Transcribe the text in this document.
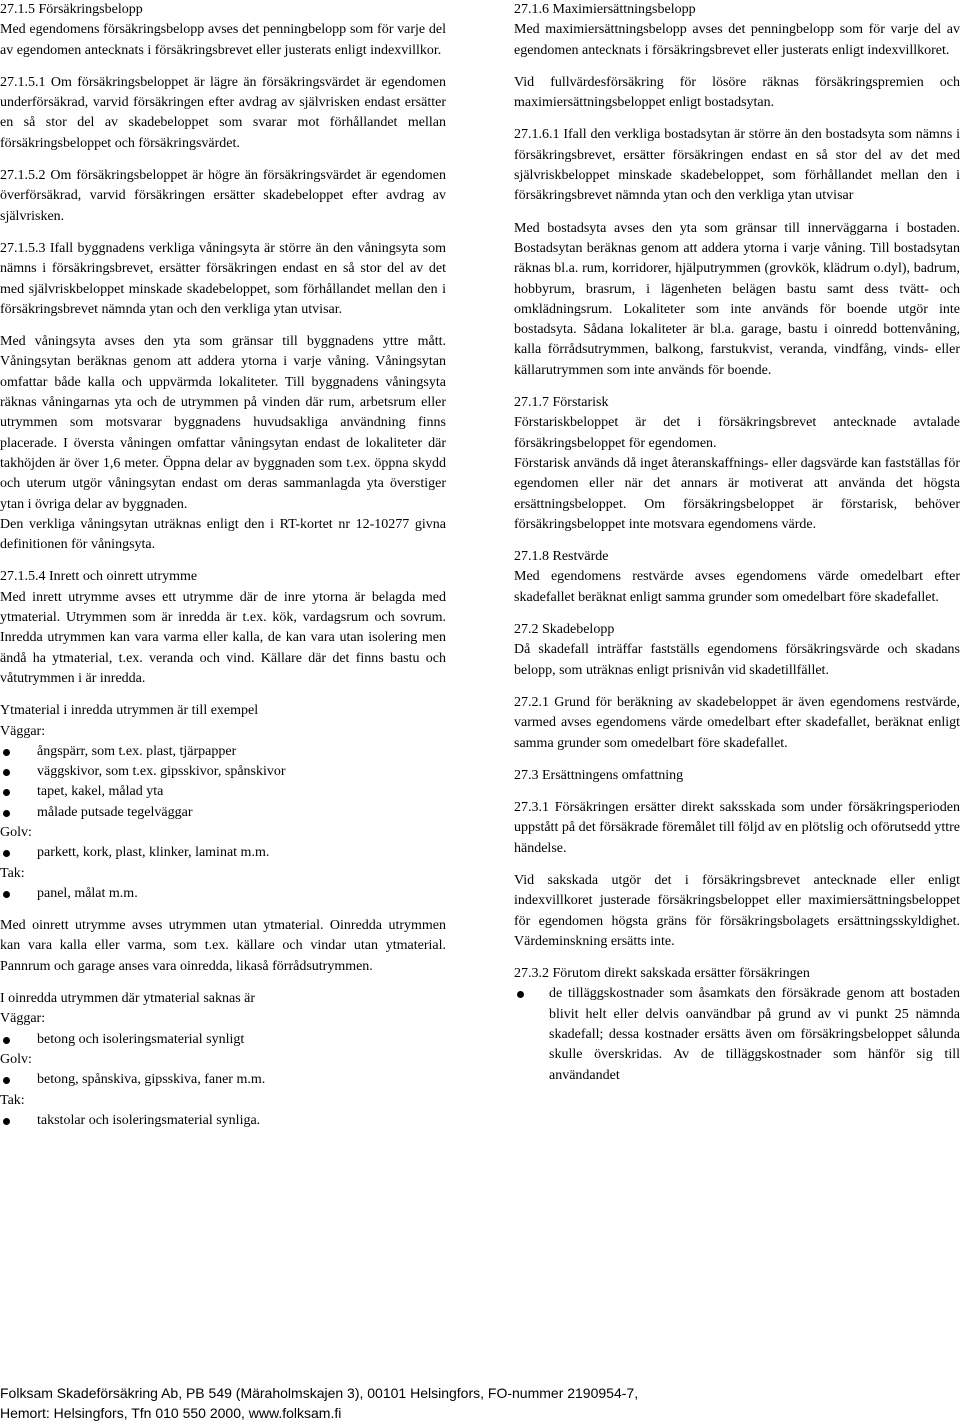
27.1.5 Försäkringsbelopp

Med egendomens försäkringsbelopp avses det penningbelopp som för varje del av egendomen antecknats i försäkringsbrevet eller justerats enligt indexvillkor.

27.1.5.1 Om försäkringsbeloppet är lägre än försäkringsvärdet är egendomen underförsäkrad, varvid försäkringen efter avdrag av självrisken endast ersätter en så stor del av skadebeloppet som svarar mot förhållandet mellan försäkringsbeloppet och försäkringsvärdet.

27.1.5.2 Om försäkringsbeloppet är högre än försäkringsvärdet är egendomen överförsäkrad, varvid försäkringen ersätter skadebeloppet efter avdrag av självrisken.

27.1.5.3 Ifall byggnadens verkliga våningsyta är större än den våningsyta som nämns i försäkringsbrevet, ersätter försäkringen endast en så stor del av det med självriskbeloppet minskade skadebeloppet, som förhållandet mellan den i försäkringsbrevet nämnda ytan och den verkliga ytan utvisar.

Med våningsyta avses den yta som gränsar till byggnadens yttre mått. Våningsytan beräknas genom att addera ytorna i varje våning. Våningsytan omfattar både kalla och uppvärmda lokaliteter. Till byggnadens våningsyta räknas våningarnas yta och de utrymmen på vinden där rum, arbetsrum eller utrymmen som motsvarar byggnadens huvudsakliga användning finns placerade. I översta våningen omfattar våningsytan endast de lokaliteter där takhöjden är över 1,6 meter. Öppna delar av byggnaden som t.ex. öppna skydd och uterum utgör våningsytan endast om deras sammanlagda yta överstiger ytan i övriga delar av byggnaden.

Den verkliga våningsytan uträknas enligt den i RT-kortet nr 12-10277 givna definitionen för våningsyta.

27.1.5.4 Inrett och oinrett utrymme

Med inrett utrymme avses ett utrymme där de inre ytorna är belagda med ytmaterial. Utrymmen som är inredda är t.ex. kök, vardagsrum och sovrum. Inredda utrymmen kan vara varma eller kalla, de kan vara utan isolering men ändå ha ytmaterial, t.ex. veranda och vind. Källare där det finns bastu och våtutrymmen i är inredda.

Ytmaterial i inredda utrymmen är till exempel

Väggar:
ångspärr, som t.ex. plast, tjärpapper
väggskivor, som t.ex. gipsskivor, spånskivor
tapet, kakel, målad yta
målade putsade tegelväggar
Golv:
parkett, kork, plast, klinker, laminat m.m.
Tak:
panel, målat m.m.

Med oinrett utrymme avses utrymmen utan ytmaterial. Oinredda utrymmen kan vara kalla eller varma, som t.ex. källare och vindar utan ytmaterial. Pannrum och garage anses vara oinredda, likaså förrådsutrymmen.

I oinredda utrymmen där ytmaterial saknas är

Väggar:
betong och isoleringsmaterial synligt
Golv:
betong, spånskiva, gipsskiva, faner m.m.
Tak:
takstolar och isoleringsmaterial synliga.

27.1.6 Maximiersättningsbelopp

Med maximiersättningsbelopp avses det penningbelopp som för varje del av egendomen antecknats i försäkringsbrevet eller justerats enligt indexvillkoret.

Vid fullvärdesförsäkring för lösöre räknas försäkringspremien och maximiersättningsbeloppet enligt bostadsytan.

27.1.6.1 Ifall den verkliga bostadsytan är större än den bostadsyta som nämns i försäkringsbrevet, ersätter försäkringen endast en så stor del av det med självriskbeloppet minskade skadebeloppet, som förhållandet mellan den i försäkringsbrevet nämnda ytan och den verkliga ytan utvisar

Med bostadsyta avses den yta som gränsar till innerväggarna i bostaden. Bostadsytan beräknas genom att addera ytorna i varje våning. Till bostadsytan räknas bl.a. rum, korridorer, hjälputrymmen (grovkök, klädrum o.dyl), badrum, hobbyrum, brasrum, i lägenheten belägen bastu samt dess tvätt- och omklädningsrum. Lokaliteter som inte används för boende utgör inte bostadsyta. Sådana lokaliteter är bl.a. garage, bastu i oinredd bottenvåning, kalla förrådsutrymmen, balkong, farstukvist, veranda, vindfång, vinds- eller källarutrymmen som inte används för boende.

27.1.7 Förstarisk

Förstariskbeloppet är det i försäkringsbrevet antecknade avtalade försäkringsbeloppet för egendomen.

Förstarisk används då inget återanskaffnings- eller dagsvärde kan fastställas för egendomen eller när det annars är motiverat att använda det högsta ersättningsbeloppet. Om försäkringsbeloppet är förstarisk, behöver försäkringsbeloppet inte motsvara egendomens värde.

27.1.8 Restvärde

Med egendomens restvärde avses egendomens värde omedelbart efter skadefallet beräknat enligt samma grunder som omedelbart före skadefallet.

27.2 Skadebelopp

Då skadefall inträffar fastställs egendomens försäkringsvärde och skadans belopp, som uträknas enligt prisnivån vid skadetillfället.

27.2.1 Grund för beräkning av skadebeloppet är även egendomens restvärde, varmed avses egendomens värde omedelbart efter skadefallet, beräknat enligt samma grunder som omedelbart före skadefallet.

27.3 Ersättningens omfattning

27.3.1 Försäkringen ersätter direkt saksskada som under försäkringsperioden uppstått på det försäkrade föremålet till följd av en plötslig och oförutsedd yttre händelse.

Vid sakskada utgör det i försäkringsbrevet antecknade eller enligt indexvillkoret justerade försäkringsbeloppet eller maximiersättningsbeloppet för egendomen högsta gräns för försäkringsbolagets ersättningsskyldighet. Värdeminskning ersätts inte.

27.3.2 Förutom direkt sakskada ersätter försäkringen

de tilläggskostnader som åsamkats den försäkrade genom att bostaden blivit helt eller delvis oanvändbar på grund av vi punkt 25 nämnda skadefall; dessa kostnader ersätts även om försäkringsbeloppet sålunda skulle överskridas. Av de tilläggskostnader som hänför sig till användandet
Folksam Skadeförsäkring Ab, PB 549 (Märaholmskajen 3), 00101 Helsingfors, FO-nummer 2190954-7,
Hemort: Helsingfors, Tfn 010 550 2000, www.folksam.fi
